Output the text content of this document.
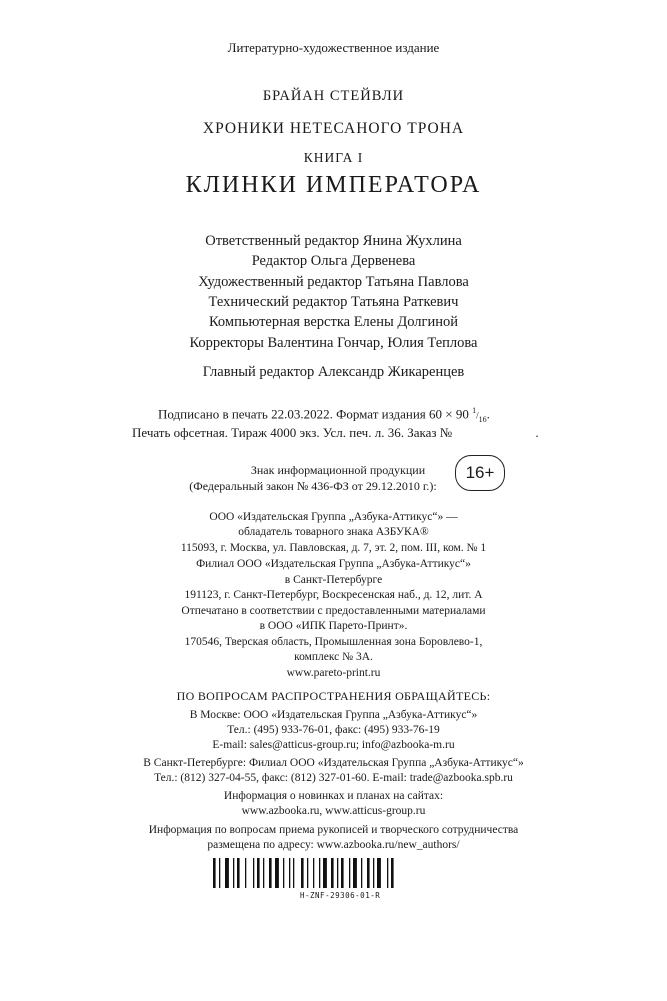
Литературно-художественное издание
БРАЙАН СТЕЙВЛИ
ХРОНИКИ НЕТЕСАНОГО ТРОНА
КНИГА I
КЛИНКИ ИМПЕРАТОРА
Ответственный редактор Янина Жухлина
Редактор Ольга Дервенева
Художественный редактор Татьяна Павлова
Технический редактор Татьяна Раткевич
Компьютерная верстка Елены Долгиной
Корректоры Валентина Гончар, Юлия Теплова
Главный редактор Александр Жикаренцев
Подписано в печать 22.03.2022. Формат издания 60 × 90 $^1/_{16}$.
Печать офсетная. Тираж 4000 экз. Усл. печ. л. 36. Заказ №	.
Знак информационной продукции
(Федеральный закон № 436-ФЗ от 29.12.2010 г.):
16+
ООО «Издательская Группа „Азбука-Аттикус“» —
обладатель товарного знака АЗБУКА®
115093, г. Москва, ул. Павловская, д. 7, эт. 2, пом. III, ком. № 1
Филиал ООО «Издательская Группа „Азбука-Аттикус“»
в Санкт-Петербурге
191123, г. Санкт-Петербург, Воскресенская наб., д. 12, лит. А
Отпечатано в соответствии с предоставленными материалами
в ООО «ИПК Парето-Принт».
170546, Тверская область, Промышленная зона Боровлево-1,
комплекс № 3А.
www.pareto-print.ru
ПО ВОПРОСАМ РАСПРОСТРАНЕНИЯ ОБРАЩАЙТЕСЬ:
В Москве: ООО «Издательская Группа „Азбука-Аттикус“»
Тел.: (495) 933-76-01, факс: (495) 933-76-19
E-mail: sales@atticus-group.ru; info@azbooka-m.ru
В Санкт-Петербурге: Филиал ООО «Издательская Группа „Азбука-Аттикус“»
Тел.: (812) 327-04-55, факс: (812) 327-01-60. E-mail: trade@azbooka.spb.ru
Информация о новинках и планах на сайтах:
www.azbooka.ru, www.atticus-group.ru
Информация по вопросам приема рукописей и творческого сотрудничества
размещена по адресу: www.azbooka.ru/new_authors/
H-ZNF-29306-01-R
